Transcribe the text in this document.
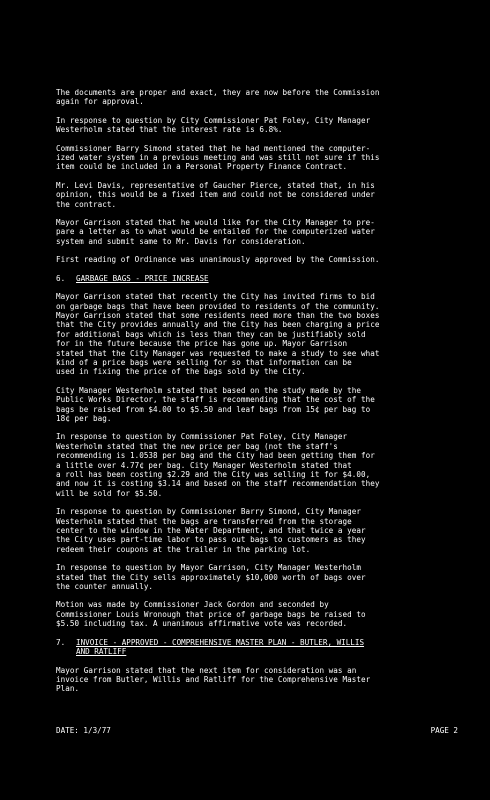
The documents are proper and exact, they are now before the Commission
again for approval.

In response to question by City Commissioner Pat Foley, City Manager
Westerholm stated that the interest rate is 6.8%.

Commissioner Barry Simond stated that he had mentioned the computer-
ized water system in a previous meeting and was still not sure if this
item could be included in a Personal Property Finance Contract.

Mr. Levi Davis, representative of Gaucher Pierce, stated that, in his
opinion, this would be a fixed item and could not be considered under
the contract.

Mayor Garrison stated that he would like for the City Manager to pre-
pare a letter as to what would be entailed for the computerized water
system and submit same to Mr. Davis for consideration.

First reading of Ordinance was unanimously approved by the Commission.

6.	GARBAGE BAGS - PRICE INCREASE

Mayor Garrison stated that recently the City has invited firms to bid
on garbage bags that have been provided to residents of the community.
Mayor Garrison stated that some residents need more than the two boxes
that the City provides annually and the City has been charging a price
for additional bags which is less than they can be justifiably sold
for in the future because the price has gone up. Mayor Garrison
stated that the City Manager was requested to make a study to see what
kind of a price bags were selling for so that information can be
used in fixing the price of the bags sold by the City.

City Manager Westerholm stated that based on the study made by the
Public Works Director, the staff is recommending that the cost of the
bags be raised from $4.00 to $5.50 and leaf bags from 15¢ per bag to
18¢ per bag.

In response to question by Commissioner Pat Foley, City Manager
Westerholm stated that the new price per bag (not the staff's
recommending is 1.0538 per bag and the City had been getting them for
a little over 4.77¢ per bag. City Manager Westerholm stated that
a roll has been costing $2.29 and the City was selling it for $4.00,
and now it is costing $3.14 and based on the staff recommendation they
will be sold for $5.50.

In response to question by Commissioner Barry Simond, City Manager
Westerholm stated that the bags are transferred from the storage
center to the window in the Water Department, and that twice a year
the City uses part-time labor to pass out bags to customers as they
redeem their coupons at the trailer in the parking lot.

In response to question by Mayor Garrison, City Manager Westerholm
stated that the City sells approximately $10,000 worth of bags over
the counter annually.

Motion was made by Commissioner Jack Gordon and seconded by
Commissioner Louis Wronough that price of garbage bags be raised to
$5.50 including tax. A unanimous affirmative vote was recorded.

7.	INVOICE - APPROVED - COMPREHENSIVE MASTER PLAN - BUTLER, WILLIS
AND RATLIFF

Mayor Garrison stated that the next item for consideration was an
invoice from Butler, Willis and Ratliff for the Comprehensive Master
Plan.

DATE: 1/3/77	PAGE 2
